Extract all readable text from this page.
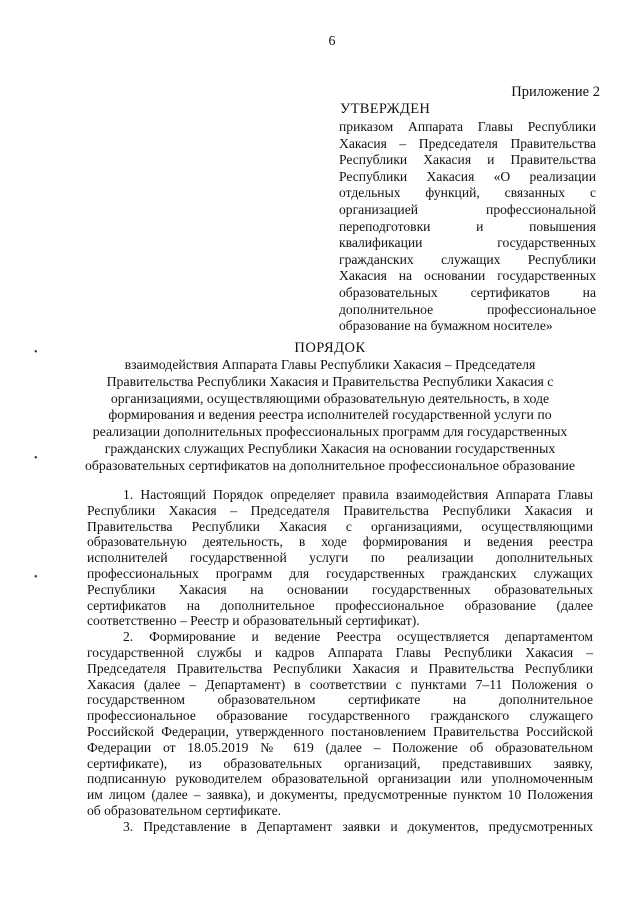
6
Приложение 2
УТВЕРЖДЕН
приказом Аппарата Главы Республики
Хакасия – Председателя Правительства
Республики Хакасия и Правительства
Республики Хакасия «О реализации
отдельных функций, связанных с
организацией профессиональной
переподготовки и повышения
квалификации государственных
гражданских служащих Республики
Хакасия на основании государственных
образовательных сертификатов на
дополнительное профессиональное
образование на бумажном носителе»
ПОРЯДОК
взаимодействия Аппарата Главы Республики Хакасия – Председателя
Правительства Республики Хакасия и Правительства Республики Хакасия с
организациями, осуществляющими образовательную деятельность, в ходе
формирования и ведения реестра исполнителей государственной услуги по
реализации дополнительных профессиональных программ для государственных
гражданских служащих Республики Хакасия на основании государственных
образовательных сертификатов на дополнительное профессиональное образование
1. Настоящий Порядок определяет правила взаимодействия Аппарата Главы
Республики Хакасия – Председателя Правительства Республики Хакасия и
Правительства Республики Хакасия с организациями, осуществляющими
образовательную деятельность, в ходе формирования и ведения реестра
исполнителей государственной услуги по реализации дополнительных
профессиональных программ для государственных гражданских служащих
Республики Хакасия на основании государственных образовательных
сертификатов на дополнительное профессиональное образование (далее
соответственно – Реестр и образовательный сертификат).
2. Формирование и ведение Реестра осуществляется департаментом
государственной службы и кадров Аппарата Главы Республики Хакасия –
Председателя Правительства Республики Хакасия и Правительства Республики
Хакасия (далее – Департамент) в соответствии с пунктами 7–11 Положения о
государственном образовательном сертификате на дополнительное
профессиональное образование государственного гражданского служащего
Российской Федерации, утвержденного постановлением Правительства Российской
Федерации от 18.05.2019 № 619 (далее – Положение об образовательном
сертификате), из образовательных организаций, представивших заявку,
подписанную руководителем образовательной организации или уполномоченным
им лицом (далее – заявка), и документы, предусмотренные пунктом 10 Положения
об образовательном сертификате.
3. Представление в Департамент заявки и документов, предусмотренных
•
•
•
